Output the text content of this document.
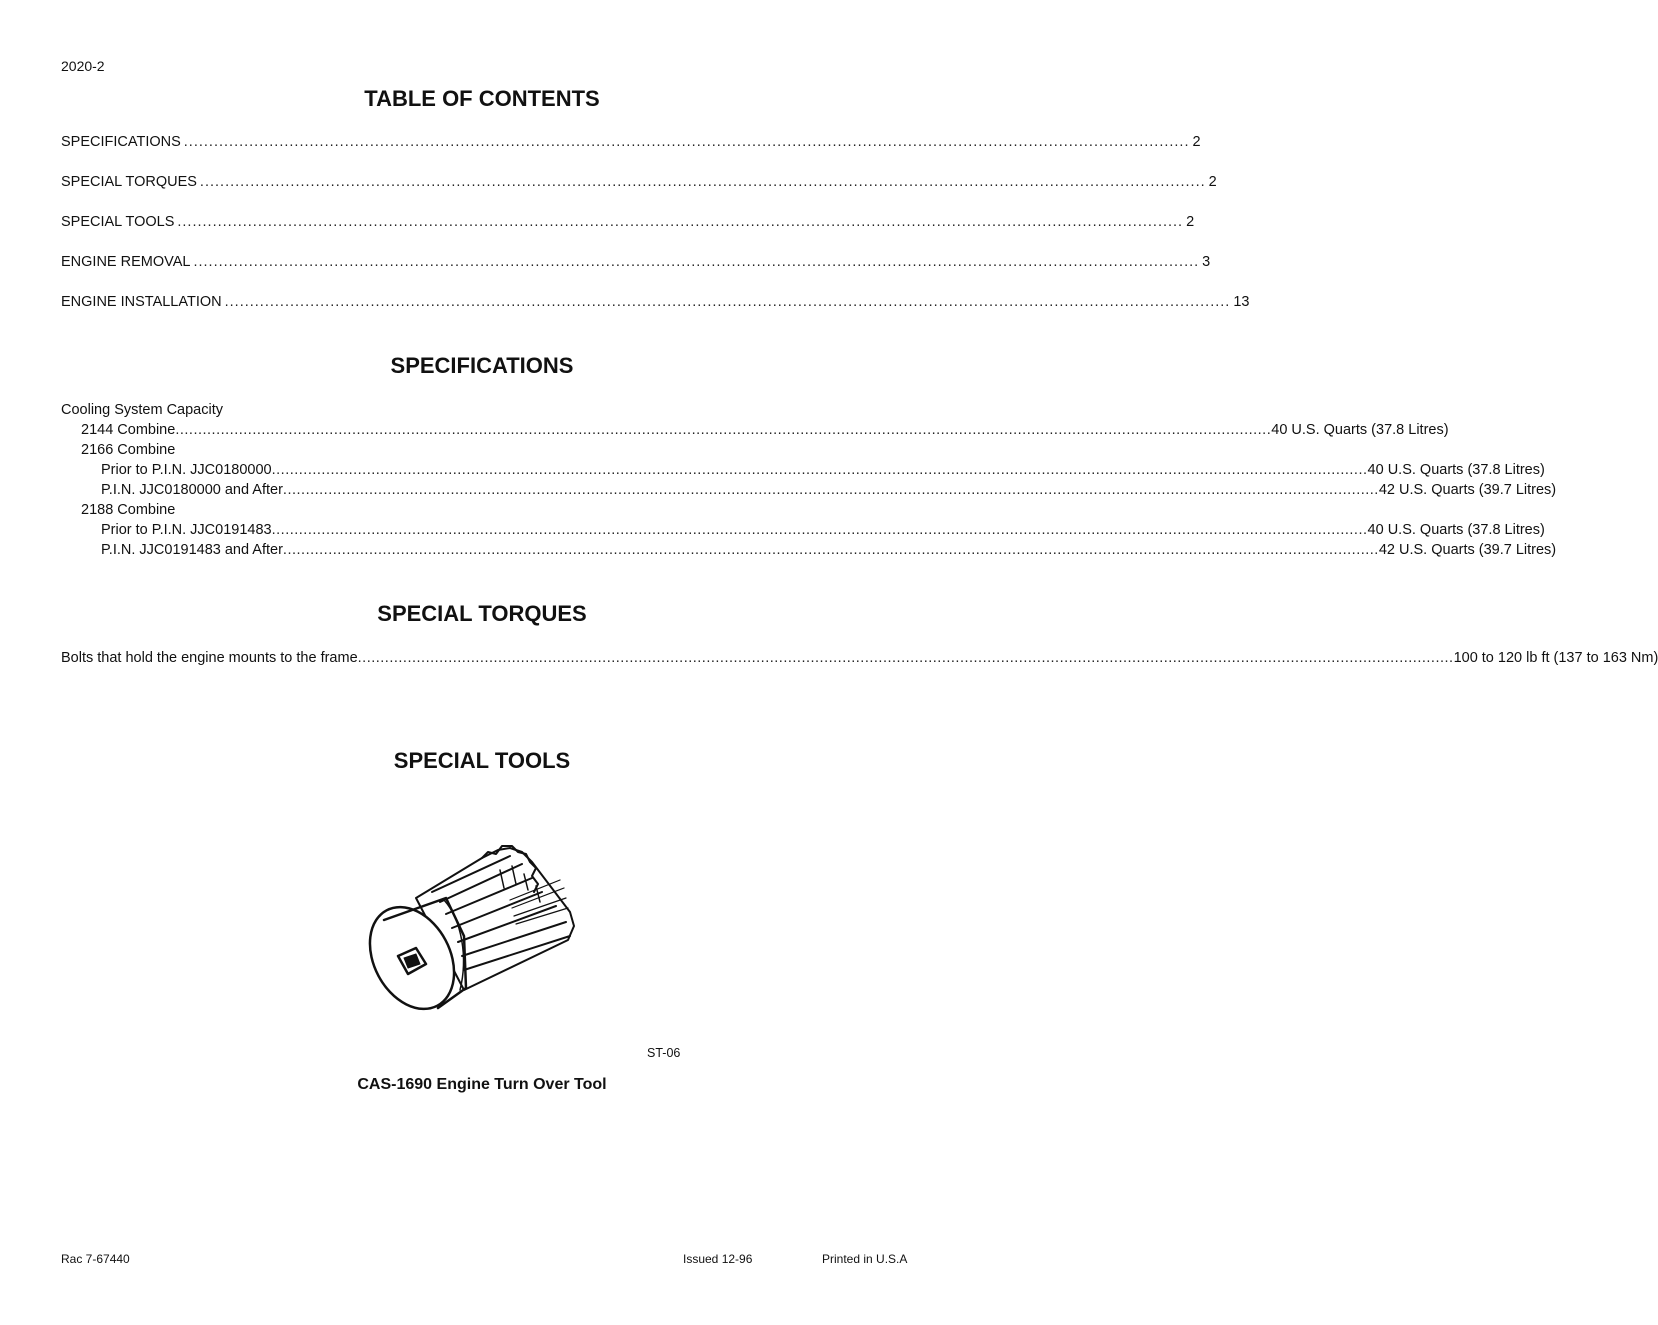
2020-2
TABLE OF CONTENTS
SPECIFICATIONS ........................................................................................................................................................................................................ 2
SPECIAL TORQUES ........................................................................................................................................................................................................ 2
SPECIAL TOOLS ........................................................................................................................................................................................................ 2
ENGINE REMOVAL ........................................................................................................................................................................................................ 3
ENGINE INSTALLATION ........................................................................................................................................................................................................ 13
SPECIFICATIONS
Cooling System Capacity
2144 Combine .................................................................................................................................................................................................................................................. 40 U.S. Quarts (37.8 Litres)
2166 Combine
Prior to P.I.N. JJC0180000 .................................................................................................................................................................................................................................................. 40 U.S. Quarts (37.8 Litres)
P.I.N. JJC0180000 and After .................................................................................................................................................................................................................................................. 42 U.S. Quarts (39.7 Litres)
2188 Combine
Prior to P.I.N. JJC0191483 .................................................................................................................................................................................................................................................. 40 U.S. Quarts (37.8 Litres)
P.I.N. JJC0191483 and After .................................................................................................................................................................................................................................................. 42 U.S. Quarts (39.7 Litres)
SPECIAL TORQUES
Bolts that hold the engine mounts to the frame .................................................................................................................................................................................................................................................. 100 to 120 lb ft (137 to 163 Nm)
SPECIAL TOOLS
ST-06
CAS-1690 Engine Turn Over Tool
Rac 7-67440	Issued 12-96	Printed in U.S.A
